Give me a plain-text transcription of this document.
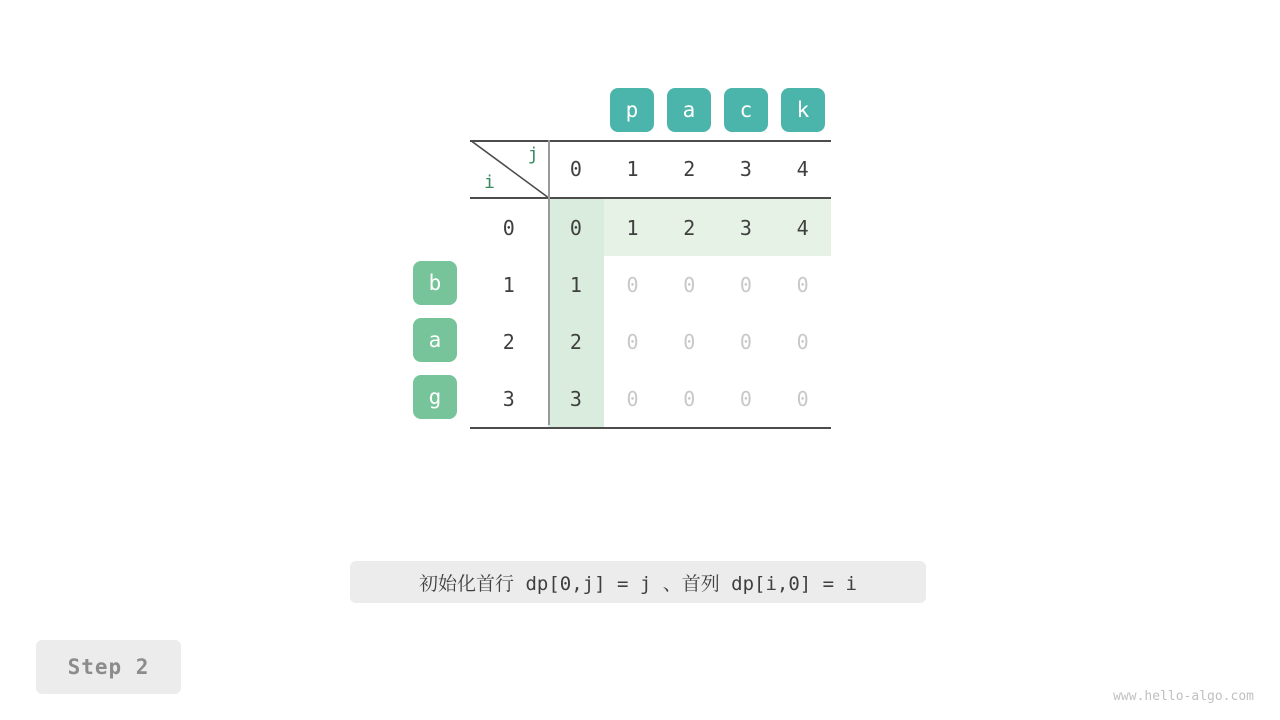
p	a	c	k
b
a
g
j
i	0	1	2	3	4
0	0	1	2	3	4
1	1	0	0	0	0
2	2	0	0	0	0
3	3	0	0	0	0
初始化首行 dp[0,j] = j 、首列 dp[i,0] = i
Step 2
www.hello-algo.com
